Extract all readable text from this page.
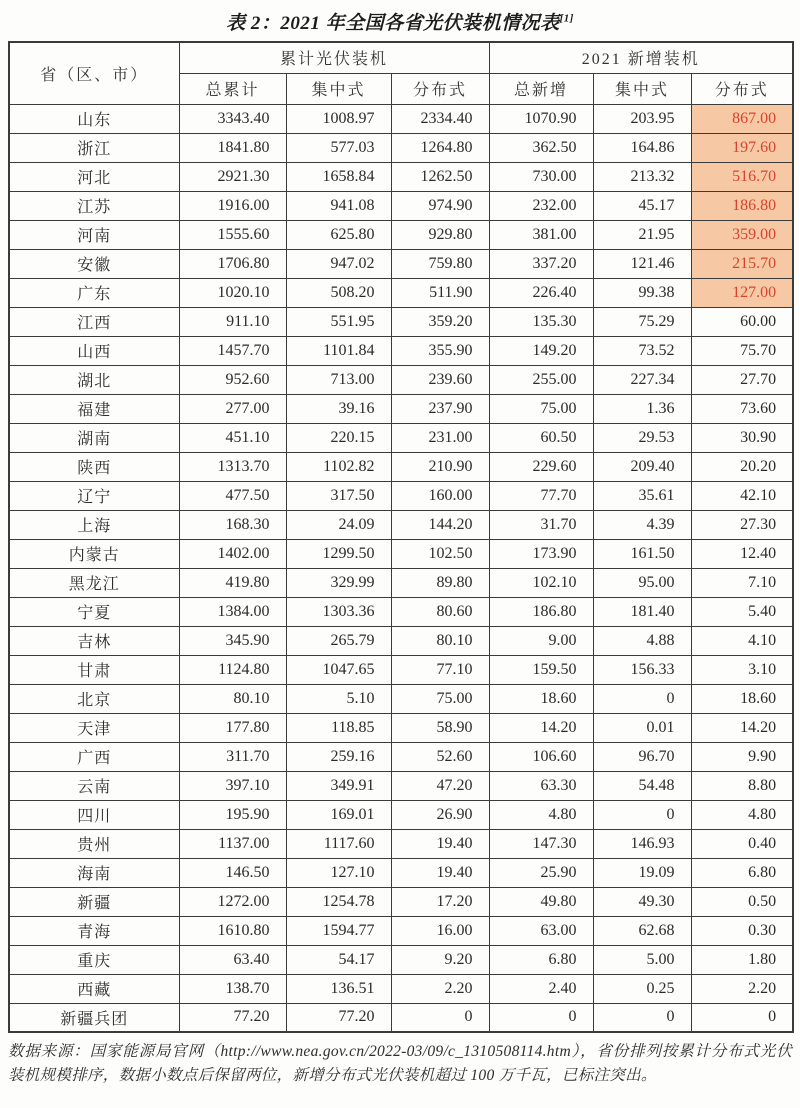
表 2：2021 年全国各省光伏装机情况表[1]
省（区、市）	累计光伏装机			2021 新增装机		
	总累计	集中式	分布式	总新增	集中式	分布式
山东	3343.40	1008.97	2334.40	1070.90	203.95	867.00
浙江	1841.80	577.03	1264.80	362.50	164.86	197.60
河北	2921.30	1658.84	1262.50	730.00	213.32	516.70
江苏	1916.00	941.08	974.90	232.00	45.17	186.80
河南	1555.60	625.80	929.80	381.00	21.95	359.00
安徽	1706.80	947.02	759.80	337.20	121.46	215.70
广东	1020.10	508.20	511.90	226.40	99.38	127.00
江西	911.10	551.95	359.20	135.30	75.29	60.00
山西	1457.70	1101.84	355.90	149.20	73.52	75.70
湖北	952.60	713.00	239.60	255.00	227.34	27.70
福建	277.00	39.16	237.90	75.00	1.36	73.60
湖南	451.10	220.15	231.00	60.50	29.53	30.90
陕西	1313.70	1102.82	210.90	229.60	209.40	20.20
辽宁	477.50	317.50	160.00	77.70	35.61	42.10
上海	168.30	24.09	144.20	31.70	4.39	27.30
内蒙古	1402.00	1299.50	102.50	173.90	161.50	12.40
黑龙江	419.80	329.99	89.80	102.10	95.00	7.10
宁夏	1384.00	1303.36	80.60	186.80	181.40	5.40
吉林	345.90	265.79	80.10	9.00	4.88	4.10
甘肃	1124.80	1047.65	77.10	159.50	156.33	3.10
北京	80.10	5.10	75.00	18.60	0	18.60
天津	177.80	118.85	58.90	14.20	0.01	14.20
广西	311.70	259.16	52.60	106.60	96.70	9.90
云南	397.10	349.91	47.20	63.30	54.48	8.80
四川	195.90	169.01	26.90	4.80	0	4.80
贵州	1137.00	1117.60	19.40	147.30	146.93	0.40
海南	146.50	127.10	19.40	25.90	19.09	6.80
新疆	1272.00	1254.78	17.20	49.80	49.30	0.50
青海	1610.80	1594.77	16.00	63.00	62.68	0.30
重庆	63.40	54.17	9.20	6.80	5.00	1.80
西藏	138.70	136.51	2.20	2.40	0.25	2.20
新疆兵团	77.20	77.20	0	0	0	0
数据来源：国家能源局官网（http://www.nea.gov.cn/2022-03/09/c_1310508114.htm），省份排列按累计分布式光伏装机规模排序，数据小数点后保留两位，新增分布式光伏装机超过 100 万千瓦，已标注突出。
